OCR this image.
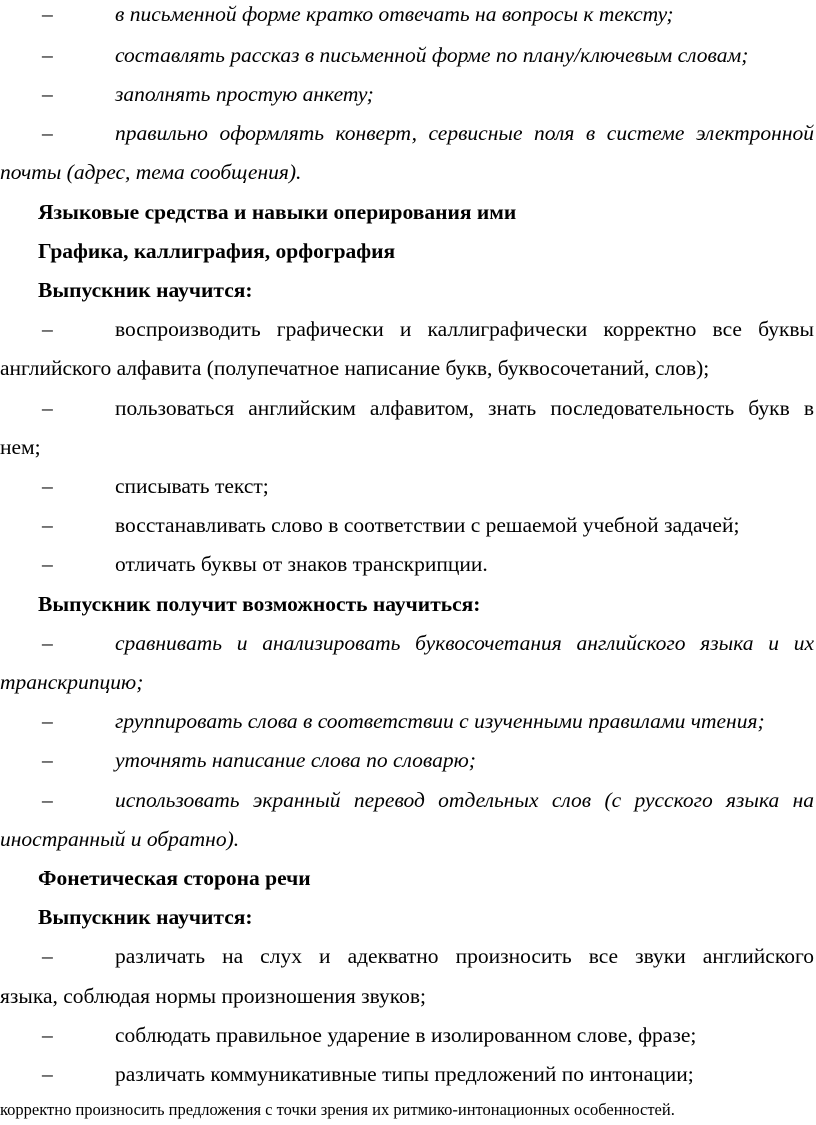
–	в письменной форме кратко отвечать на вопросы к тексту;
–	составлять рассказ в письменной форме по плану/ключевым словам;
–	заполнять простую анкету;
–	правильно оформлять конверт, сервисные поля в системе электронной
почты (адрес, тема сообщения).
Языковые средства и навыки оперирования ими
Графика, каллиграфия, орфография
Выпускник научится:
–	воспроизводить графически и каллиграфически корректно все буквы
английского алфавита (полупечатное написание букв, буквосочетаний, слов);
–	пользоваться английским алфавитом, знать последовательность букв в
нем;
–	списывать текст;
–	восстанавливать слово в соответствии с решаемой учебной задачей;
–	отличать буквы от знаков транскрипции.
Выпускник получит возможность научиться:
–	сравнивать и анализировать буквосочетания английского языка и их
транскрипцию;
–	группировать слова в соответствии с изученными правилами чтения;
–	уточнять написание слова по словарю;
–	использовать экранный перевод отдельных слов (с русского языка на
иностранный и обратно).
Фонетическая сторона речи
Выпускник научится:
–	различать на слух и адекватно произносить все звуки английского
языка, соблюдая нормы произношения звуков;
–	соблюдать правильное ударение в изолированном слове, фразе;
–	различать коммуникативные типы предложений по интонации;
корректно произносить предложения с точки зрения их ритмико-интонационных особенностей.
